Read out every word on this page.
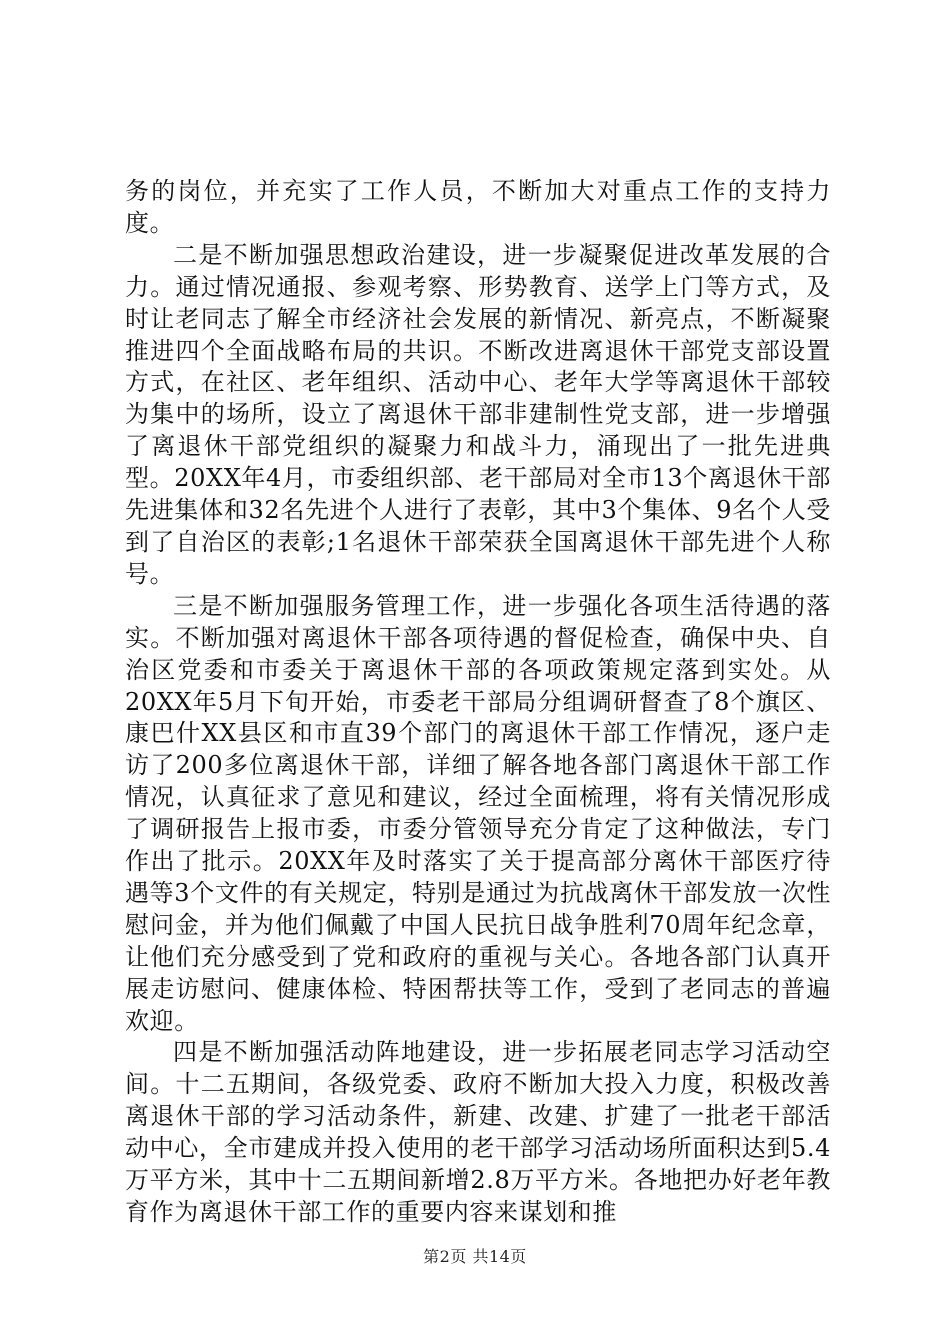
务的岗位，并充实了工作人员，不断加大对重点工作的支持力度。

二是不断加强思想政治建设，进一步凝聚促进改革发展的合力。通过情况通报、参观考察、形势教育、送学上门等方式，及时让老同志了解全市经济社会发展的新情况、新亮点，不断凝聚推进四个全面战略布局的共识。不断改进离退休干部党支部设置方式，在社区、老年组织、活动中心、老年大学等离退休干部较为集中的场所，设立了离退休干部非建制性党支部，进一步增强了离退休干部党组织的凝聚力和战斗力，涌现出了一批先进典型。20XX年4月，市委组织部、老干部局对全市13个离退休干部先进集体和32名先进个人进行了表彰，其中3个集体、9名个人受到了自治区的表彰;1名退休干部荣获全国离退休干部先进个人称号。

三是不断加强服务管理工作，进一步强化各项生活待遇的落实。不断加强对离退休干部各项待遇的督促检查，确保中央、自治区党委和市委关于离退休干部的各项政策规定落到实处。从20XX年5月下旬开始，市委老干部局分组调研督查了8个旗区、康巴什XX县区和市直39个部门的离退休干部工作情况，逐户走访了200多位离退休干部，详细了解各地各部门离退休干部工作情况，认真征求了意见和建议，经过全面梳理，将有关情况形成了调研报告上报市委，市委分管领导充分肯定了这种做法，专门作出了批示。20XX年及时落实了关于提高部分离休干部医疗待遇等3个文件的有关规定，特别是通过为抗战离休干部发放一次性慰问金，并为他们佩戴了中国人民抗日战争胜利70周年纪念章，让他们充分感受到了党和政府的重视与关心。各地各部门认真开展走访慰问、健康体检、特困帮扶等工作，受到了老同志的普遍欢迎。

四是不断加强活动阵地建设，进一步拓展老同志学习活动空间。十二五期间，各级党委、政府不断加大投入力度，积极改善离退休干部的学习活动条件，新建、改建、扩建了一批老干部活动中心，全市建成并投入使用的老干部学习活动场所面积达到5.4万平方米，其中十二五期间新增2.8万平方米。各地把办好老年教育作为离退休干部工作的重要内容来谋划和推

第2页 共14页
